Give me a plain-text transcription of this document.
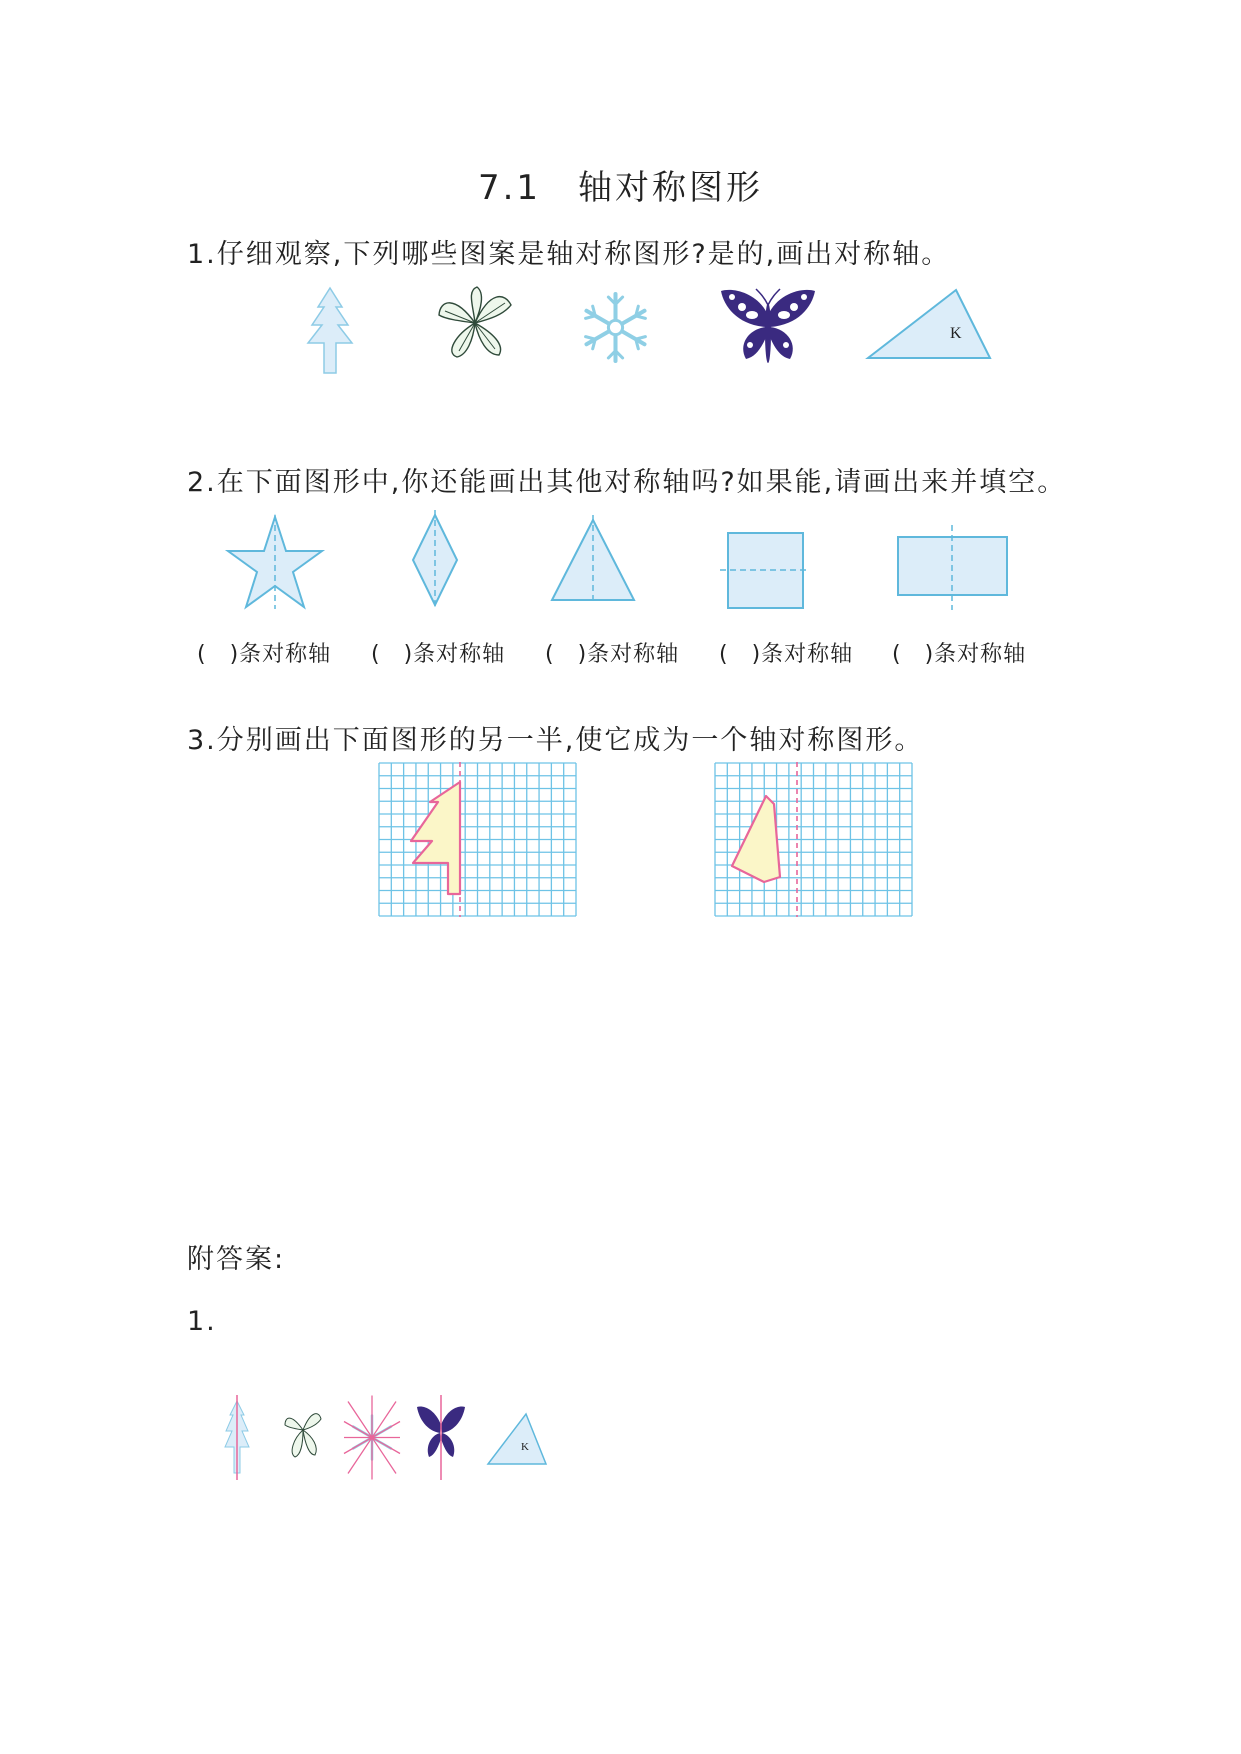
7.1　轴对称图形
1.仔细观察,下列哪些图案是轴对称图形?是的,画出对称轴。
K
2.在下面图形中,你还能画出其他对称轴吗?如果能,请画出来并填空。
(　)条对称轴 (　)条对称轴 (　)条对称轴 (　)条对称轴 (　)条对称轴
3.分别画出下面图形的另一半,使它成为一个轴对称图形。
附答案:
1.
K
